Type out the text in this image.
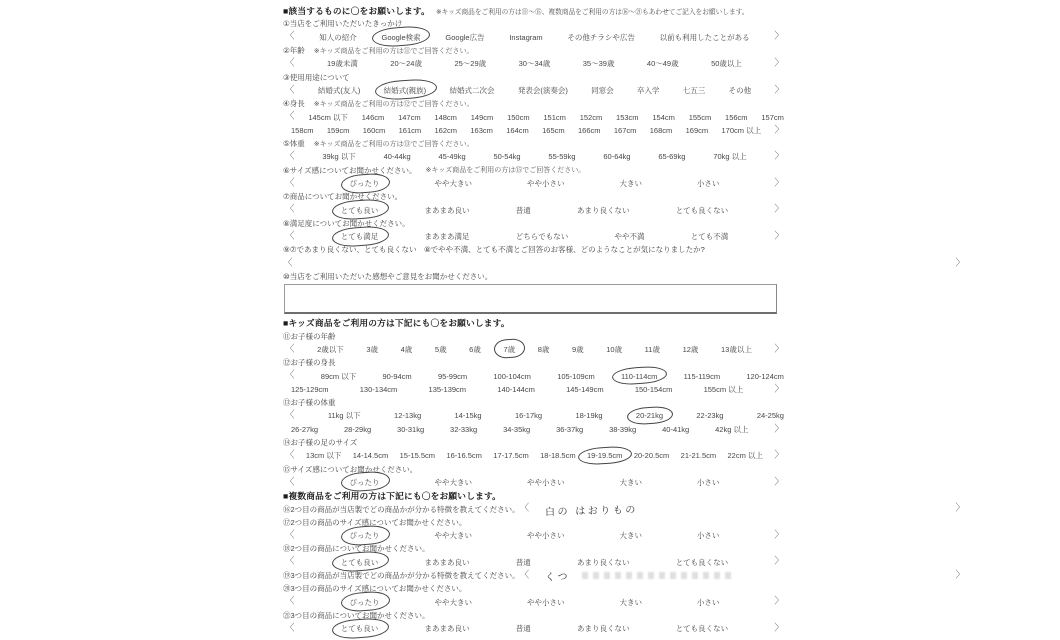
■該当するものに〇をお願いします。 ※キッズ商品をご利用の方は⑪〜⑮、複数商品をご利用の方は⑯〜㉑もあわせてご記入をお願いします。
①当店をご利用いただいたきっかけ
〈	知人の紹介	Google検索	Google広告	Instagram	その他チラシや広告	以前も利用したことがある	〉
②年齢 ※キッズ商品をご利用の方は⑪でご回答ください。
〈	19歳未満	20〜24歳	25〜29歳	30〜34歳	35〜39歳	40〜49歳	50歳以上	〉
③使用用途について
〈	結婚式(友人)	結婚式(親族)	結婚式二次会	発表会(演奏会)	同窓会	卒入学	七五三	その他 〉
④身長 ※キッズ商品をご利用の方は⑫でご回答ください。
〈 145cm 以下 146cm 147cm 148cm 149cm 150cm 151cm 152cm 153cm 154cm 155cm 156cm 157cm
158cm 159cm 160cm 161cm 162cm 163cm 164cm 165cm 166cm 167cm 168cm 169cm 170cm 以上 〉
⑤体重 ※キッズ商品をご利用の方は⑬でご回答ください。
〈	39kg 以下	40-44kg	45-49kg	50-54kg	55-59kg	60-64kg	65-69kg	70kg 以上	〉
⑥サイズ感についてお聞かせください。 ※キッズ商品をご利用の方は⑮でご回答ください。
〈	ぴったり	やや大きい	やや小さい	大きい	小さい	〉
⑦商品についてお聞かせください。
〈	とても良い	まあまあ良い	普通	あまり良くない	とても良くない	〉
⑧満足度についてお聞かせください。
〈	とても満足	まあまあ満足	どちらでもない	やや不満	とても不満	〉
⑨⑦であまり良くない、とても良くない　⑧でやや不満、とても不満とご回答のお客様、どのようなことが気になりましたか?
〈	〉
⑩当店をご利用いただいた感想やご意見をお聞かせください。
■キッズ商品をご利用の方は下記にも〇をお願いします。
⑪お子様の年齢
〈	2歳以下	3歳	4歳	5歳	6歳	7歳	8歳	9歳	10歳	11歳	12歳	13歳以上 〉
⑫お子様の身長
〈	89cm 以下	90-94cm	95-99cm	100-104cm	105-109cm	110-114cm	115-119cm	120-124cm
125-129cm	130-134cm	135-139cm	140-144cm	145-149cm	150-154cm	155cm 以上	〉
⑬お子様の体重
〈	11kg 以下	12-13kg	14-15kg	16-17kg	18-19kg	20-21kg	22-23kg	24-25kg
26-27kg	28-29kg	30-31kg	32-33kg	34-35kg	36-37kg	38-39kg	40-41kg	42kg 以上	〉
⑭お子様の足のサイズ
〈 13cm 以下 14-14.5cm 15-15.5cm 16-16.5cm 17-17.5cm 18-18.5cm 19-19.5cm 20-20.5cm 21-21.5cm 22cm 以上 〉
⑮サイズ感についてお聞かせください。
〈	ぴったり	やや大きい	やや小さい	大きい	小さい	〉
■複数商品をご利用の方は下記にも〇をお願いします。
⑯2つ目の商品が当店製でどの商品かが分かる特徴を教えてください。 〈 白の はおりもの	〉
⑰2つ目の商品のサイズ感についてお聞かせください。
〈	ぴったり	やや大きい	やや小さい	大きい	小さい	〉
⑱2つ目の商品についてお聞かせください。
〈	とても良い	まあまあ良い	普通	あまり良くない	とても良くない	〉
⑲3つ目の商品が当店製でどの商品かが分かる特徴を教えてください。 〈 くつ	〉
⑳3つ目の商品のサイズ感についてお聞かせください。
〈	ぴったり	やや大きい	やや小さい	大きい	小さい	〉
㉑3つ目の商品についてお聞かせください。
〈	とても良い	まあまあ良い	普通	あまり良くない	とても良くない	〉
